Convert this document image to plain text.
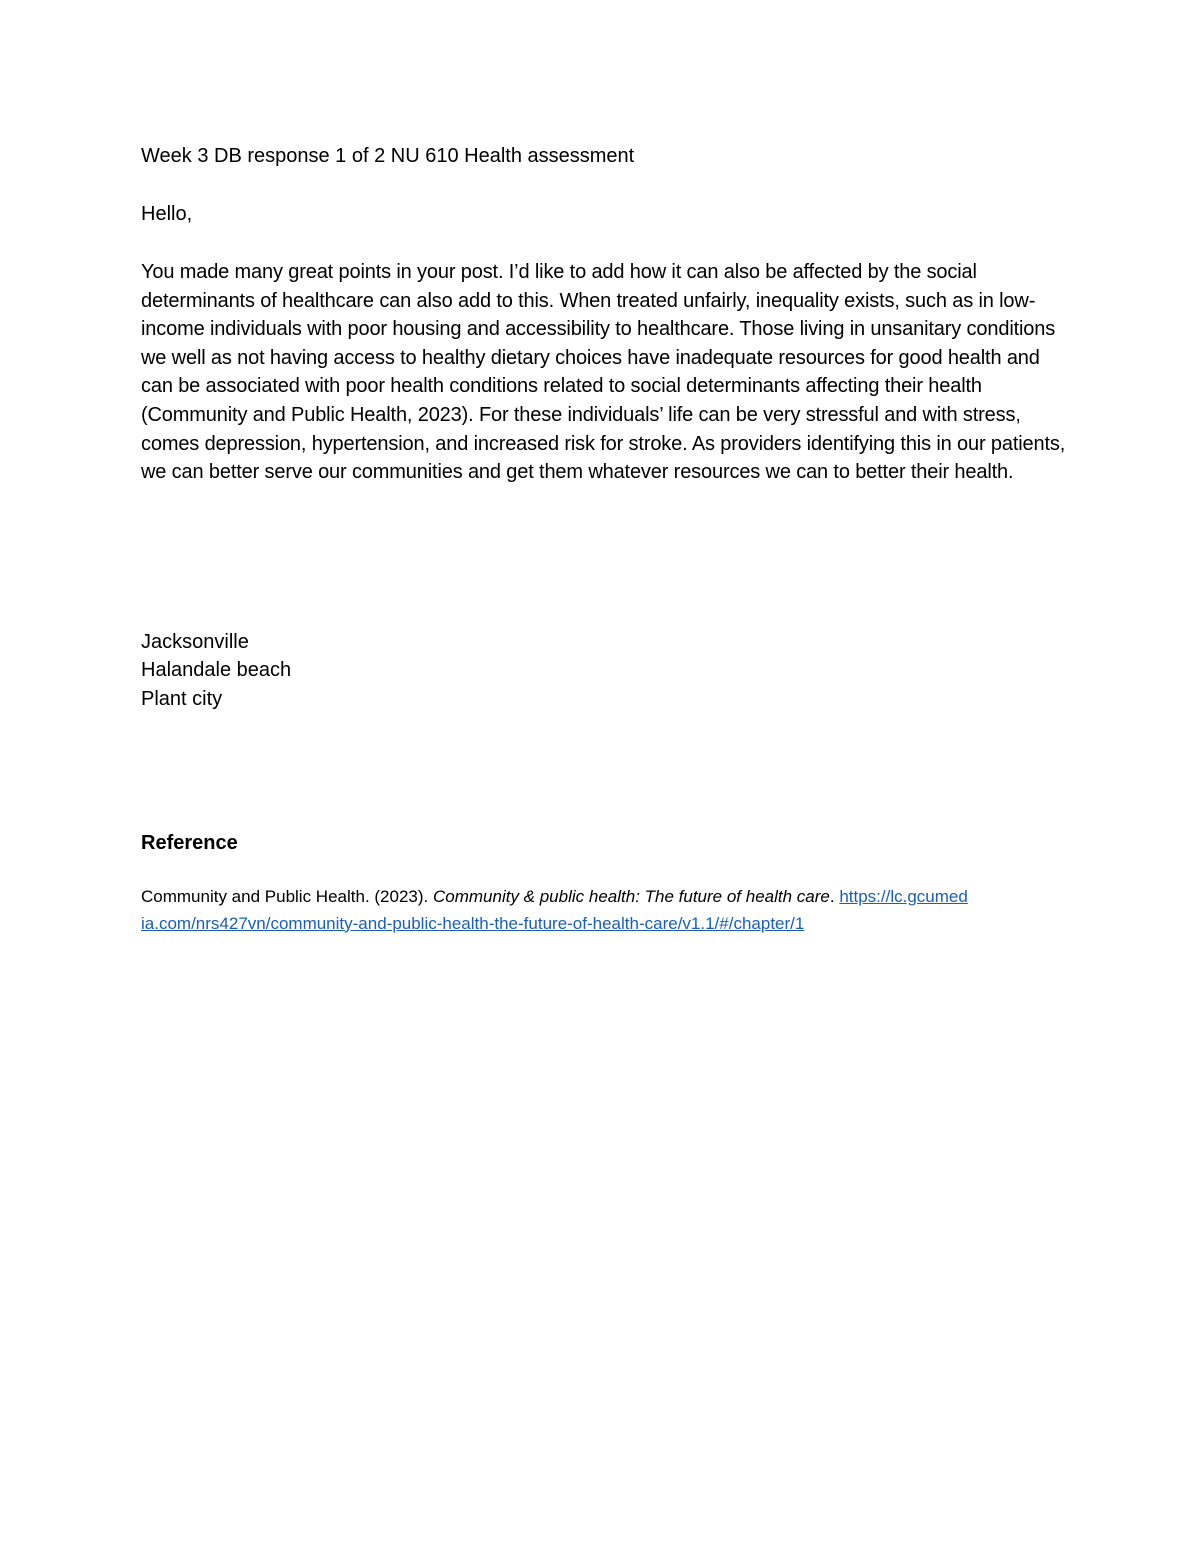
Week 3 DB response 1 of 2 NU 610 Health assessment

Hello,

You made many great points in your post. I’d like to add how it can also be affected by the social determinants of healthcare can also add to this. When treated unfairly, inequality exists, such as in low-income individuals with poor housing and accessibility to healthcare. Those living in unsanitary conditions we well as not having access to healthy dietary choices have inadequate resources for good health and can be associated with poor health conditions related to social determinants affecting their health (Community and Public Health, 2023). For these individuals’ life can be very stressful and with stress, comes depression, hypertension, and increased risk for stroke. As providers identifying this in our patients, we can better serve our communities and get them whatever resources we can to better their health.

Jacksonville
Halandale beach
Plant city

Reference

Community and Public Health. (2023). Community & public health: The future of health care. https://lc.gcumedia.com/nrs427vn/community-and-public-health-the-future-of-health-care/v1.1/#/chapter/1
